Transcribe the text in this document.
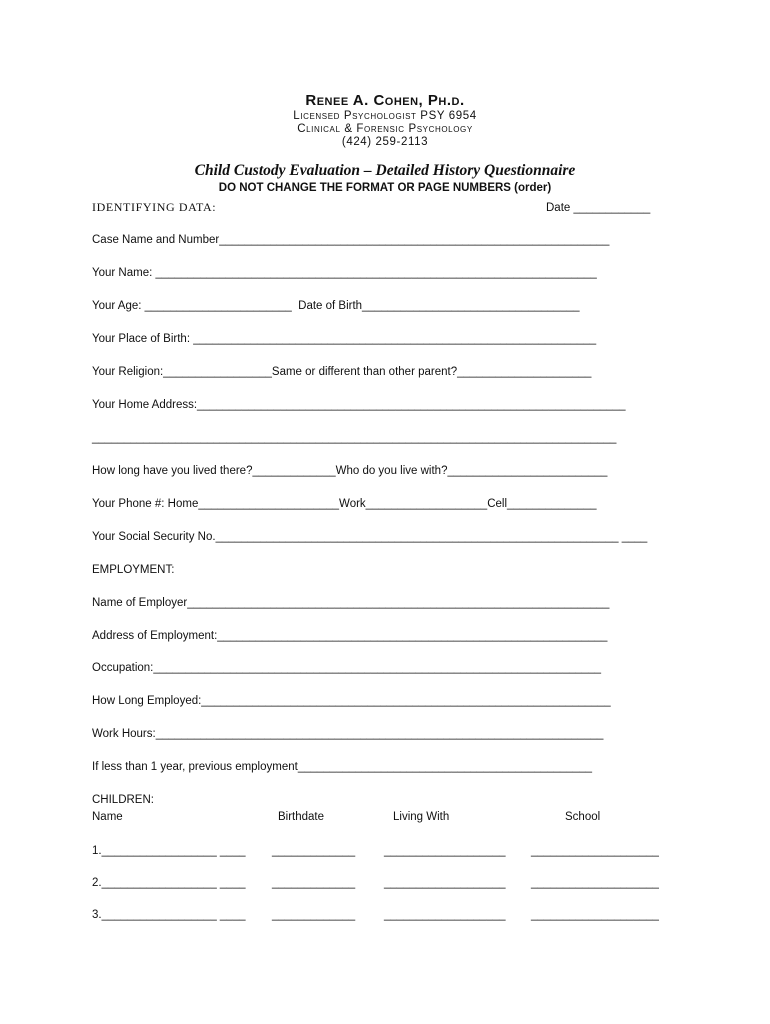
Renee A. Cohen, Ph.d.
Licensed Psychologist PSY 6954
Clinical & Forensic Psychology
(424) 259-2113
Child Custody Evaluation – Detailed History Questionnaire
DO NOT CHANGE THE FORMAT OR PAGE NUMBERS (order)
IDENTIFYING DATA:	Date ____________
Case Name and Number_____________________________________________________________
Your Name: _____________________________________________________________________
Your Age: _______________________  Date of Birth__________________________________
Your Place of Birth: _______________________________________________________________
Your Religion:_________________Same or different than other parent?_____________________
Your Home Address:___________________________________________________________________
__________________________________________________________________________________
How long have you lived there?_____________Who do you live with?_________________________
Your Phone #: Home______________________Work___________________Cell______________
Your Social Security No._______________________________________________________________ ____
EMPLOYMENT:
Name of Employer__________________________________________________________________
Address of Employment:_____________________________________________________________
Occupation:______________________________________________________________________
How Long Employed:________________________________________________________________
Work Hours:______________________________________________________________________
If less than 1 year, previous employment______________________________________________
CHILDREN:
Name	Birthdate	Living With	School
1.__________________ ____ _____________	___________________ ____________________
2.__________________ ____ _____________	___________________ ____________________
3.__________________ ____ _____________	___________________ ____________________
